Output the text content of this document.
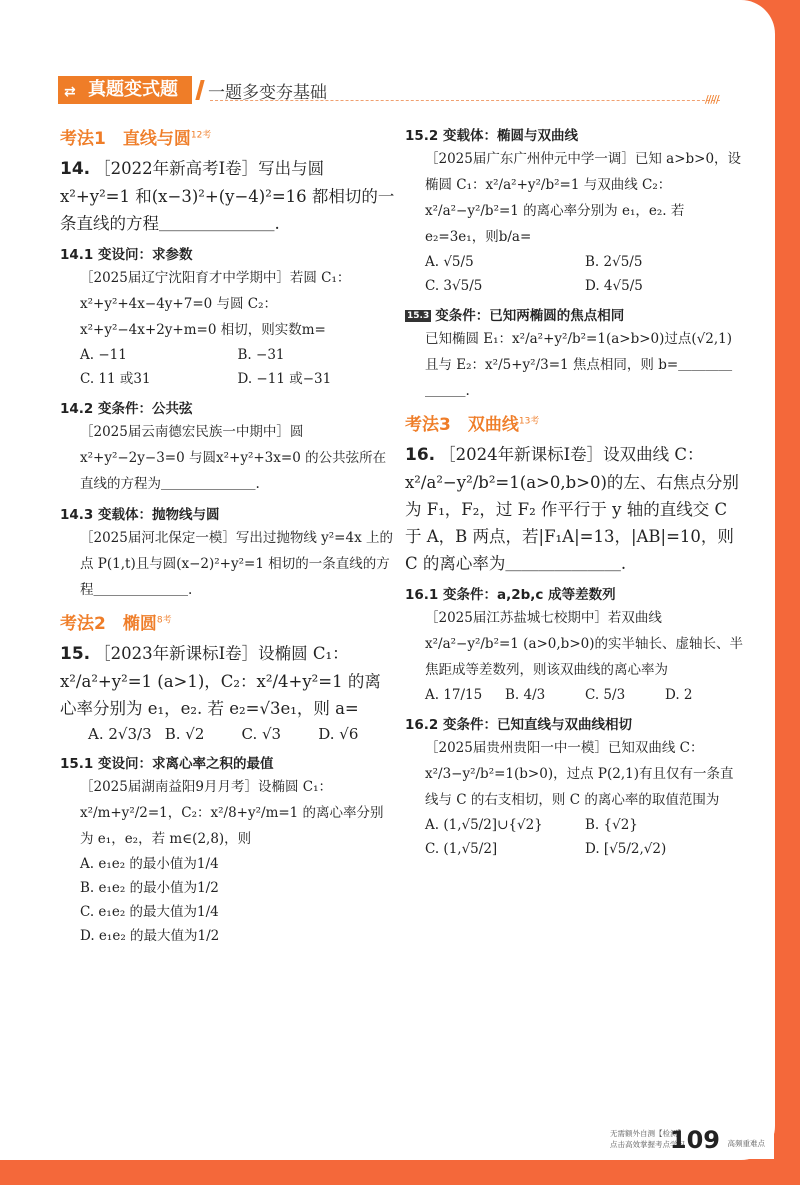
⇄ 真题变式题	一题多变夯基础	/////
考法1　直线与圆$^{12考}$
14. ［2022年新高考Ⅰ卷］写出与圆 x²+y²=1 和(x−3)²+(y−4)²=16 都相切的一条直线的方程＿＿＿＿＿＿＿.
14.1 变设问：求参数
［2025届辽宁沈阳育才中学期中］若圆 C₁：x²+y²+4x−4y+7=0 与圆 C₂：x²+y²−4x+2y+m=0 相切，则实数m=
A. −11	B. −31
C. 11 或31	D. −11 或−31
14.2 变条件：公共弦
［2025届云南德宏民族一中期中］圆 x²+y²−2y−3=0 与圆x²+y²+3x=0 的公共弦所在直线的方程为＿＿＿＿＿＿＿.
14.3 变载体：抛物线与圆
［2025届河北保定一模］写出过抛物线 y²=4x 上的点 P(1,t)且与圆(x−2)²+y²=1 相切的一条直线的方程＿＿＿＿＿＿＿.
考法2　椭圆$^{8考}$
15. ［2023年新课标Ⅰ卷］设椭圆 C₁：x²/a²+y²=1 (a>1)，C₂：x²/4+y²=1 的离心率分别为 e₁，e₂. 若 e₂=√3e₁，则 a=
A. 2√3/3 B. √2	C. √3	D. √6
15.1 变设问：求离心率之积的最值
［2025届湖南益阳9月月考］设椭圆 C₁：x²/m+y²/2=1，C₂：x²/8+y²/m=1 的离心率分别为 e₁，e₂，若 m∈(2,8)，则
A. e₁e₂ 的最小值为1/4
B. e₁e₂ 的最小值为1/2
C. e₁e₂ 的最大值为1/4
D. e₁e₂ 的最大值为1/2
15.2 变载体：椭圆与双曲线
［2025届广东广州仲元中学一调］已知 a>b>0，设椭圆 C₁：x²/a²+y²/b²=1 与双曲线 C₂：x²/a²−y²/b²=1 的离心率分别为 e₁，e₂. 若 e₂=3e₁，则b/a=
A. √5/5	B. 2√5/5
C. 3√5/5	D. 4√5/5
15.3 变条件：已知两椭圆的焦点相同
已知椭圆 E₁：x²/a²+y²/b²=1(a>b>0)过点(√2,1)且与 E₂：x²/5+y²/3=1 焦点相同，则 b=＿＿＿＿＿＿＿.
考法3　双曲线$^{13考}$
16. ［2024年新课标Ⅰ卷］设双曲线 C：x²/a²−y²/b²=1(a>0,b>0)的左、右焦点分别为 F₁，F₂，过 F₂ 作平行于 y 轴的直线交 C 于 A，B 两点，若|F₁A|=13，|AB|=10，则 C 的离心率为＿＿＿＿＿＿＿.
16.1 变条件：a,2b,c 成等差数列
［2025届江苏盐城七校期中］若双曲线x²/a²−y²/b²=1 (a>0,b>0)的实半轴长、虚轴长、半焦距成等差数列，则该双曲线的离心率为
A. 17/15	B. 4/3	C. 5/3	D. 2
16.2 变条件：已知直线与双曲线相切
［2025届贵州贵阳一中一模］已知双曲线 C：x²/3−y²/b²=1(b>0)，过点 P(2,1)有且仅有一条直线与 C 的右支相切，则 C 的离心率的取值范围为
A. (1,√5/2]∪{√2}	B. {√2}
C. (1,√5/2]	D. [√5/2,√2)
无需额外自测【检测】
点击高效掌握考点学习
109 高频重难点
